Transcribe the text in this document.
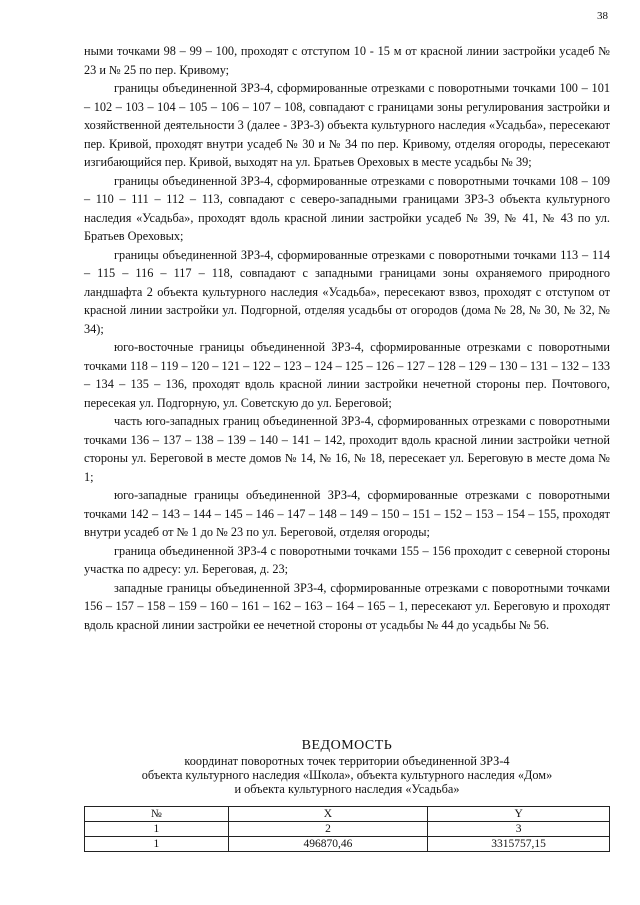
38

ными точками 98 – 99 – 100, проходят с отступом 10 - 15 м от красной линии застройки усадеб № 23 и № 25 по пер. Кривому;

границы объединенной ЗРЗ-4, сформированные отрезками с поворотными точками 100 – 101 – 102 – 103 – 104 – 105 – 106 – 107 – 108, совпадают с границами зоны регулирования застройки и хозяйственной деятельности 3 (далее - ЗРЗ-3) объекта культурного наследия «Усадьба», пересекают пер. Кривой, проходят внутри усадеб № 30 и № 34 по пер. Кривому, отделяя огороды, пересекают изгибающийся пер. Кривой, выходят на ул. Братьев Ореховых в месте усадьбы № 39;

границы объединенной ЗРЗ-4, сформированные отрезками с поворотными точками 108 – 109 – 110 – 111 – 112 – 113, совпадают с северо-западными границами ЗРЗ-3 объекта культурного наследия «Усадьба», проходят вдоль красной линии застройки усадеб № 39, № 41, № 43 по ул. Братьев Ореховых;

границы объединенной ЗРЗ-4, сформированные отрезками с поворотными точками 113 – 114 – 115 – 116 – 117 – 118, совпадают с западными границами зоны охраняемого природного ландшафта 2 объекта культурного наследия «Усадьба», пересекают взвоз, проходят с отступом от красной линии застройки ул. Подгорной, отделяя усадьбы от огородов (дома № 28, № 30, № 32, № 34);

юго-восточные границы объединенной ЗРЗ-4, сформированные отрезками с поворотными точками 118 – 119 – 120 – 121 – 122 – 123 – 124 – 125 – 126 – 127 – 128 – 129 – 130 – 131 – 132 – 133 – 134 – 135 – 136, проходят вдоль красной линии застройки нечетной стороны пер. Почтового, пересекая ул. Подгорную, ул. Советскую до ул. Береговой;

часть юго-западных границ объединенной ЗРЗ-4, сформированных отрезками с поворотными точками 136 – 137 – 138 – 139 – 140 – 141 – 142, проходит вдоль красной линии застройки четной стороны ул. Береговой в месте домов № 14, № 16, № 18, пересекает ул. Береговую в месте дома № 1;

юго-западные границы объединенной ЗРЗ-4, сформированные отрезками с поворотными точками 142 – 143 – 144 – 145 – 146 – 147 – 148 – 149 – 150 – 151 – 152 – 153 – 154 – 155, проходят внутри усадеб от № 1 до № 23 по ул. Береговой, отделяя огороды;

граница объединенной ЗРЗ-4 с поворотными точками 155 – 156 проходит с северной стороны участка по адресу: ул. Береговая, д. 23;

западные границы объединенной ЗРЗ-4, сформированные отрезками с поворотными точками 156 – 157 – 158 – 159 – 160 – 161 – 162 – 163 – 164 – 165 – 1, пересекают ул. Береговую и проходят вдоль красной линии застройки ее нечетной стороны от усадьбы № 44 до усадьбы № 56.

ВЕДОМОСТЬ
координат поворотных точек территории объединенной ЗРЗ-4
объекта культурного наследия «Школа», объекта культурного наследия «Дом»
и объекта культурного наследия «Усадьба»
№	X	Y
1	2	3
1	496870,46	3315757,15
